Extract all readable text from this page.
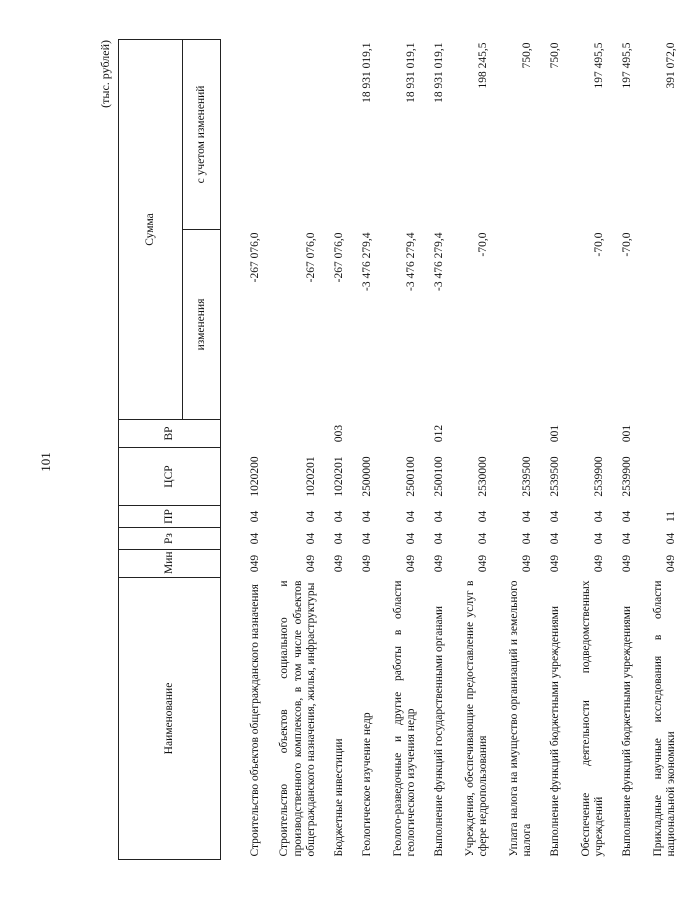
101
(тыс. рублей)
Наименование	Мин	Рз	ПР	ЦСР	ВР	Сумма	
						изменения	с учетом изменений
Строительство объектов общегражданского назначения	049	04	04	1020200		-267 076,0	
Строительство объектов социального и производственного комплексов, в том числе объектов общегражданского назначения, жилья, инфраструктуры	049	04	04	1020201		-267 076,0	
Бюджетные инвестиции	049	04	04	1020201	003	-267 076,0	
Геологическое изучение недр	049	04	04	2500000		-3 476 279,4	18 931 019,1
Геолого-разведочные и другие работы в области геологического изучения недр	049	04	04	2500100		-3 476 279,4	18 931 019,1
Выполнение функций государственными органами	049	04	04	2500100	012	-3 476 279,4	18 931 019,1
Учреждения, обеспечивающие предоставление услуг в сфере недропользования	049	04	04	2530000		-70,0	198 245,5
Уплата налога на имущество организаций и земельного налога	049	04	04	2539500			750,0
Выполнение функций бюджетными учреждениями	049	04	04	2539500	001		750,0
Обеспечение деятельности подведомственных учреждений	049	04	04	2539900		-70,0	197 495,5
Выполнение функций бюджетными учреждениями	049	04	04	2539900	001	-70,0	197 495,5
Прикладные научные исследования в области национальной экономики	049	04	11				391 072,0
